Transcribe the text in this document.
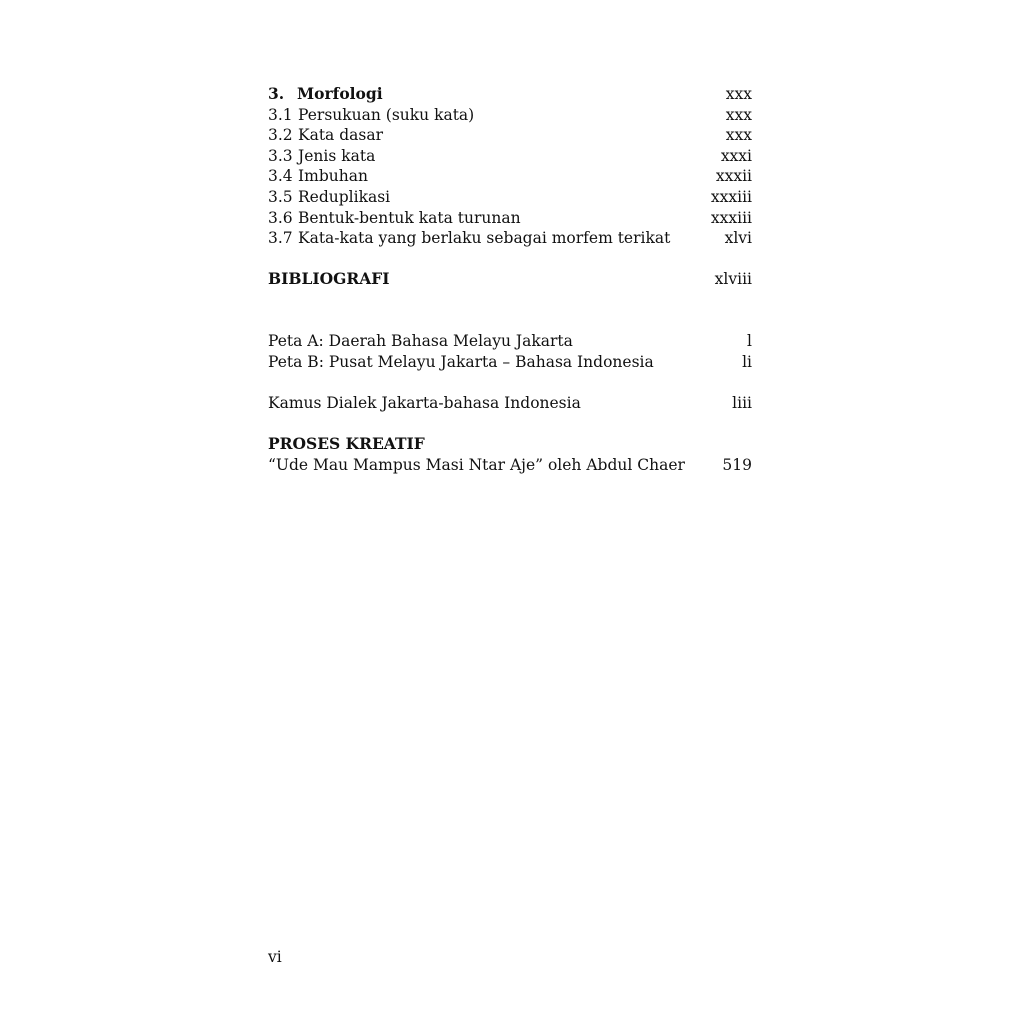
3. Morfologi	xxx
3.1 Persukuan (suku kata)	xxx
3.2 Kata dasar	xxx
3.3 Jenis kata	xxxi
3.4 Imbuhan	xxxii
3.5 Reduplikasi	xxxiii
3.6 Bentuk-bentuk kata turunan	xxxiii
3.7 Kata-kata yang berlaku sebagai morfem terikat	xlvi
BIBLIOGRAFI	xlviii
Peta A: Daerah Bahasa Melayu Jakarta	l
Peta B: Pusat Melayu Jakarta – Bahasa Indonesia	li
Kamus Dialek Jakarta-bahasa Indonesia	liii
PROSES KREATIF
“Ude Mau Mampus Masi Ntar Aje” oleh Abdul Chaer 519
vi
